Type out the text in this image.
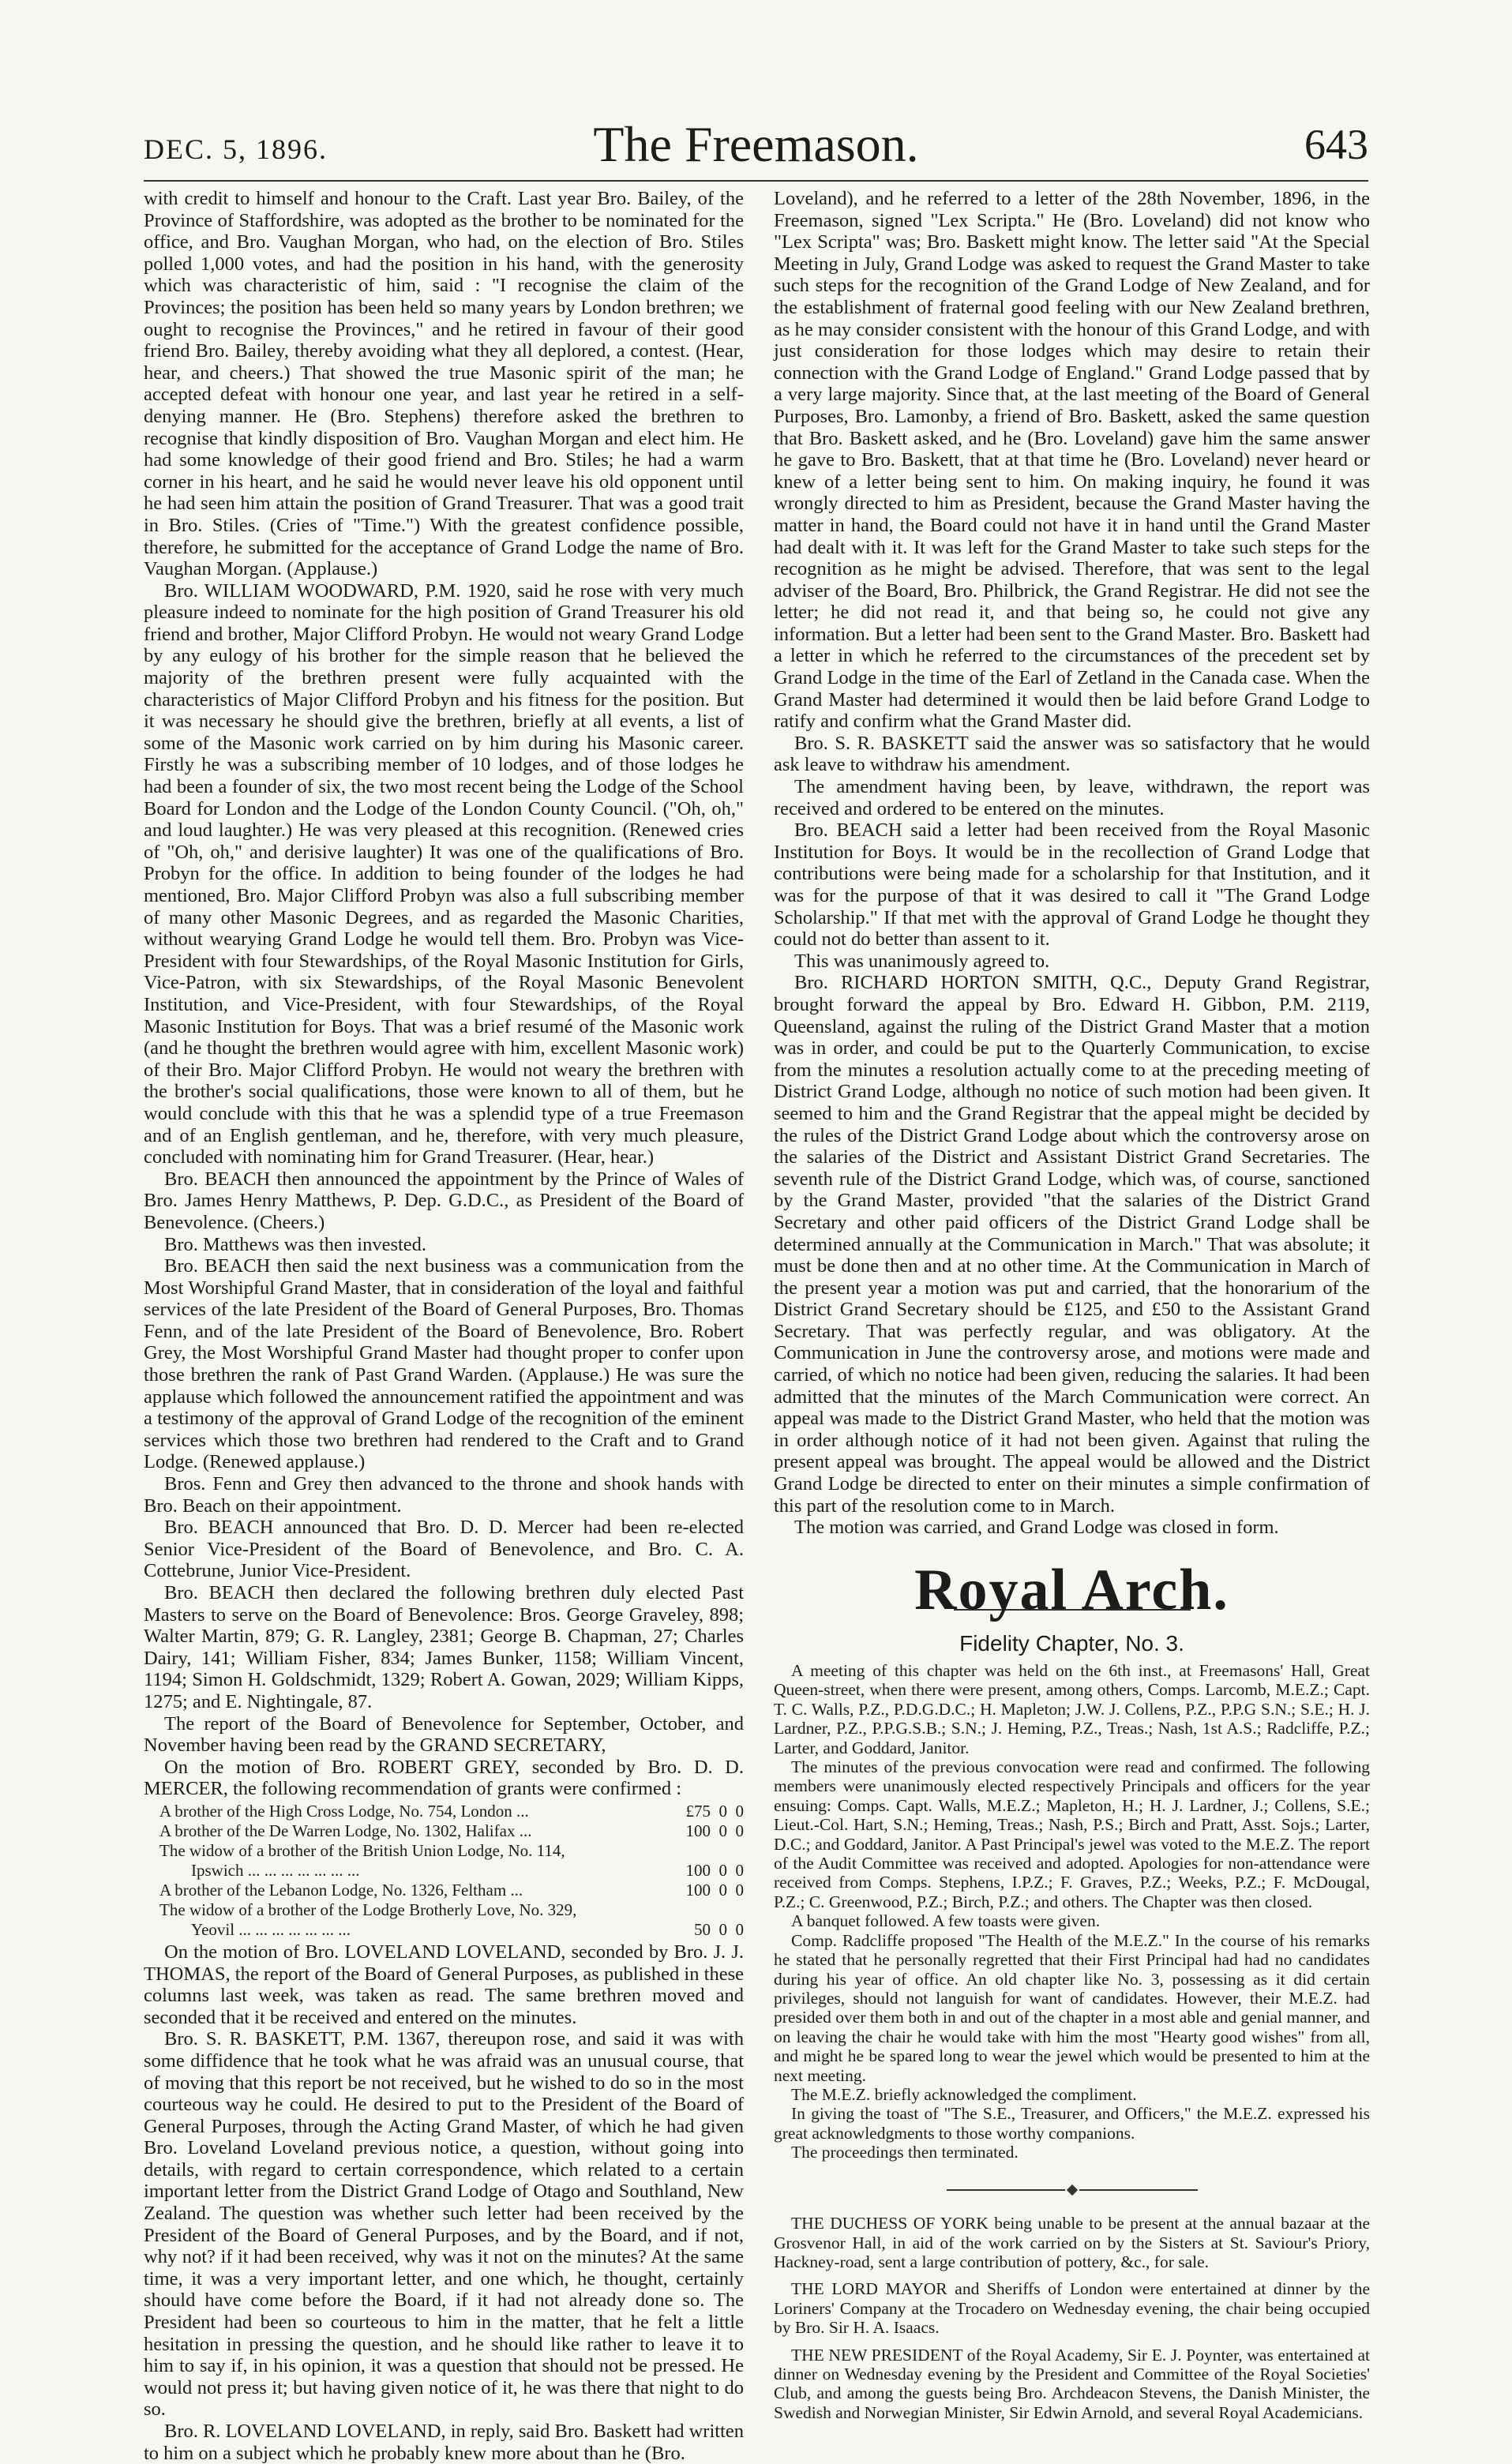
DEC. 5, 1896.	The Freemason.	643

with credit to himself and honour to the Craft. Last year Bro. Bailey, of the Province of Staffordshire, was adopted as the brother to be nominated for the office, and Bro. Vaughan Morgan, who had, on the election of Bro. Stiles polled 1,000 votes, and had the position in his hand, with the generosity which was characteristic of him, said : "I recognise the claim of the Provinces; the position has been held so many years by London brethren; we ought to recognise the Provinces," and he retired in favour of their good friend Bro. Bailey, thereby avoiding what they all deplored, a contest. (Hear, hear, and cheers.) That showed the true Masonic spirit of the man; he accepted defeat with honour one year, and last year he retired in a self-denying manner. He (Bro. Stephens) therefore asked the brethren to recognise that kindly disposition of Bro. Vaughan Morgan and elect him. He had some knowledge of their good friend and Bro. Stiles; he had a warm corner in his heart, and he said he would never leave his old opponent until he had seen him attain the position of Grand Treasurer. That was a good trait in Bro. Stiles. (Cries of "Time.") With the greatest confidence possible, therefore, he submitted for the acceptance of Grand Lodge the name of Bro. Vaughan Morgan. (Applause.)

Bro. WILLIAM WOODWARD, P.M. 1920, said he rose with very much pleasure indeed to nominate for the high position of Grand Treasurer his old friend and brother, Major Clifford Probyn. He would not weary Grand Lodge by any eulogy of his brother for the simple reason that he believed the majority of the brethren present were fully acquainted with the characteristics of Major Clifford Probyn and his fitness for the position. But it was necessary he should give the brethren, briefly at all events, a list of some of the Masonic work carried on by him during his Masonic career. Firstly he was a subscribing member of 10 lodges, and of those lodges he had been a founder of six, the two most recent being the Lodge of the School Board for London and the Lodge of the London County Council. ("Oh, oh," and loud laughter.) He was very pleased at this recognition. (Renewed cries of "Oh, oh," and derisive laughter) It was one of the qualifications of Bro. Probyn for the office. In addition to being founder of the lodges he had mentioned, Bro. Major Clifford Probyn was also a full subscribing member of many other Masonic Degrees, and as regarded the Masonic Charities, without wearying Grand Lodge he would tell them. Bro. Probyn was Vice-President with four Stewardships, of the Royal Masonic Institution for Girls, Vice-Patron, with six Stewardships, of the Royal Masonic Benevolent Institution, and Vice-President, with four Stewardships, of the Royal Masonic Institution for Boys. That was a brief resumé of the Masonic work (and he thought the brethren would agree with him, excellent Masonic work) of their Bro. Major Clifford Probyn. He would not weary the brethren with the brother's social qualifications, those were known to all of them, but he would conclude with this that he was a splendid type of a true Freemason and of an English gentleman, and he, therefore, with very much pleasure, concluded with nominating him for Grand Treasurer. (Hear, hear.)

Bro. BEACH then announced the appointment by the Prince of Wales of Bro. James Henry Matthews, P. Dep. G.D.C., as President of the Board of Benevolence. (Cheers.)

Bro. Matthews was then invested.

Bro. BEACH then said the next business was a communication from the Most Worshipful Grand Master, that in consideration of the loyal and faithful services of the late President of the Board of General Purposes, Bro. Thomas Fenn, and of the late President of the Board of Benevolence, Bro. Robert Grey, the Most Worshipful Grand Master had thought proper to confer upon those brethren the rank of Past Grand Warden. (Applause.) He was sure the applause which followed the announcement ratified the appointment and was a testimony of the approval of Grand Lodge of the recognition of the eminent services which those two brethren had rendered to the Craft and to Grand Lodge. (Renewed applause.)

Bros. Fenn and Grey then advanced to the throne and shook hands with Bro. Beach on their appointment.

Bro. BEACH announced that Bro. D. D. Mercer had been re-elected Senior Vice-President of the Board of Benevolence, and Bro. C. A. Cottebrune, Junior Vice-President.

Bro. BEACH then declared the following brethren duly elected Past Masters to serve on the Board of Benevolence: Bros. George Graveley, 898; Walter Martin, 879; G. R. Langley, 2381; George B. Chapman, 27; Charles Dairy, 141; William Fisher, 834; James Bunker, 1158; William Vincent, 1194; Simon H. Goldschmidt, 1329; Robert A. Gowan, 2029; William Kipps, 1275; and E. Nightingale, 87.

The report of the Board of Benevolence for September, October, and November having been read by the GRAND SECRETARY,

On the motion of Bro. ROBERT GREY, seconded by Bro. D. D. MERCER, the following recommendation of grants were confirmed :

A brother of the High Cross Lodge, No. 754, London ...	£75  0  0
A brother of the De Warren Lodge, No. 1302, Halifax ...	100  0  0
The widow of a brother of the British Union Lodge, No. 114,
Ipswich ... ... ... ... ... ... ...	100  0  0
A brother of the Lebanon Lodge, No. 1326, Feltham ...	100  0  0
The widow of a brother of the Lodge Brotherly Love, No. 329,
Yeovil ... ... ... ... ... ... ...	50  0  0

On the motion of Bro. LOVELAND LOVELAND, seconded by Bro. J. J. THOMAS, the report of the Board of General Purposes, as published in these columns last week, was taken as read. The same brethren moved and seconded that it be received and entered on the minutes.

Bro. S. R. BASKETT, P.M. 1367, thereupon rose, and said it was with some diffidence that he took what he was afraid was an unusual course, that of moving that this report be not received, but he wished to do so in the most courteous way he could. He desired to put to the President of the Board of General Purposes, through the Acting Grand Master, of which he had given Bro. Loveland Loveland previous notice, a question, without going into details, with regard to certain correspondence, which related to a certain important letter from the District Grand Lodge of Otago and Southland, New Zealand. The question was whether such letter had been received by the President of the Board of General Purposes, and by the Board, and if not, why not? if it had been received, why was it not on the minutes? At the same time, it was a very important letter, and one which, he thought, certainly should have come before the Board, if it had not already done so. The President had been so courteous to him in the matter, that he felt a little hesitation in pressing the question, and he should like rather to leave it to him to say if, in his opinion, it was a question that should not be pressed. He would not press it; but having given notice of it, he was there that night to do so.

Bro. R. LOVELAND LOVELAND, in reply, said Bro. Baskett had written to him on a subject which he probably knew more about than he (Bro.

Loveland), and he referred to a letter of the 28th November, 1896, in the Freemason, signed "Lex Scripta." He (Bro. Loveland) did not know who "Lex Scripta" was; Bro. Baskett might know. The letter said "At the Special Meeting in July, Grand Lodge was asked to request the Grand Master to take such steps for the recognition of the Grand Lodge of New Zealand, and for the establishment of fraternal good feeling with our New Zealand brethren, as he may consider consistent with the honour of this Grand Lodge, and with just consideration for those lodges which may desire to retain their connection with the Grand Lodge of England." Grand Lodge passed that by a very large majority. Since that, at the last meeting of the Board of General Purposes, Bro. Lamonby, a friend of Bro. Baskett, asked the same question that Bro. Baskett asked, and he (Bro. Loveland) gave him the same answer he gave to Bro. Baskett, that at that time he (Bro. Loveland) never heard or knew of a letter being sent to him. On making inquiry, he found it was wrongly directed to him as President, because the Grand Master having the matter in hand, the Board could not have it in hand until the Grand Master had dealt with it. It was left for the Grand Master to take such steps for the recognition as he might be advised. Therefore, that was sent to the legal adviser of the Board, Bro. Philbrick, the Grand Registrar. He did not see the letter; he did not read it, and that being so, he could not give any information. But a letter had been sent to the Grand Master. Bro. Baskett had a letter in which he referred to the circumstances of the precedent set by Grand Lodge in the time of the Earl of Zetland in the Canada case. When the Grand Master had determined it would then be laid before Grand Lodge to ratify and confirm what the Grand Master did.

Bro. S. R. BASKETT said the answer was so satisfactory that he would ask leave to withdraw his amendment.

The amendment having been, by leave, withdrawn, the report was received and ordered to be entered on the minutes.

Bro. BEACH said a letter had been received from the Royal Masonic Institution for Boys. It would be in the recollection of Grand Lodge that contributions were being made for a scholarship for that Institution, and it was for the purpose of that it was desired to call it "The Grand Lodge Scholarship." If that met with the approval of Grand Lodge he thought they could not do better than assent to it.

This was unanimously agreed to.

Bro. RICHARD HORTON SMITH, Q.C., Deputy Grand Registrar, brought forward the appeal by Bro. Edward H. Gibbon, P.M. 2119, Queensland, against the ruling of the District Grand Master that a motion was in order, and could be put to the Quarterly Communication, to excise from the minutes a resolution actually come to at the preceding meeting of District Grand Lodge, although no notice of such motion had been given. It seemed to him and the Grand Registrar that the appeal might be decided by the rules of the District Grand Lodge about which the controversy arose on the salaries of the District and Assistant District Grand Secretaries. The seventh rule of the District Grand Lodge, which was, of course, sanctioned by the Grand Master, provided "that the salaries of the District Grand Secretary and other paid officers of the District Grand Lodge shall be determined annually at the Communication in March." That was absolute; it must be done then and at no other time. At the Communication in March of the present year a motion was put and carried, that the honorarium of the District Grand Secretary should be £125, and £50 to the Assistant Grand Secretary. That was perfectly regular, and was obligatory. At the Communication in June the controversy arose, and motions were made and carried, of which no notice had been given, reducing the salaries. It had been admitted that the minutes of the March Communication were correct. An appeal was made to the District Grand Master, who held that the motion was in order although notice of it had not been given. Against that ruling the present appeal was brought. The appeal would be allowed and the District Grand Lodge be directed to enter on their minutes a simple confirmation of this part of the resolution come to in March.

The motion was carried, and Grand Lodge was closed in form.

Royal Arch.
Fidelity Chapter, No. 3.

A meeting of this chapter was held on the 6th inst., at Freemasons' Hall, Great Queen-street, when there were present, among others, Comps. Larcomb, M.E.Z.; Capt. T. C. Walls, P.Z., P.D.G.D.C.; H. Mapleton; J.W. J. Collens, P.Z., P.P.G S.N.; S.E.; H. J. Lardner, P.Z., P.P.G.S.B.; S.N.; J. Heming, P.Z., Treas.; Nash, 1st A.S.; Radcliffe, P.Z.; Larter, and Goddard, Janitor.

The minutes of the previous convocation were read and confirmed. The following members were unanimously elected respectively Principals and officers for the year ensuing: Comps. Capt. Walls, M.E.Z.; Mapleton, H.; H. J. Lardner, J.; Collens, S.E.; Lieut.-Col. Hart, S.N.; Heming, Treas.; Nash, P.S.; Birch and Pratt, Asst. Sojs.; Larter, D.C.; and Goddard, Janitor. A Past Principal's jewel was voted to the M.E.Z. The report of the Audit Committee was received and adopted. Apologies for non-attendance were received from Comps. Stephens, I.P.Z.; F. Graves, P.Z.; Weeks, P.Z.; F. McDougal, P.Z.; C. Greenwood, P.Z.; Birch, P.Z.; and others. The Chapter was then closed.

A banquet followed. A few toasts were given.

Comp. Radcliffe proposed "The Health of the M.E.Z." In the course of his remarks he stated that he personally regretted that their First Principal had had no candidates during his year of office. An old chapter like No. 3, possessing as it did certain privileges, should not languish for want of candidates. However, their M.E.Z. had presided over them both in and out of the chapter in a most able and genial manner, and on leaving the chair he would take with him the most "Hearty good wishes" from all, and might he be spared long to wear the jewel which would be presented to him at the next meeting.

The M.E.Z. briefly acknowledged the compliment.

In giving the toast of "The S.E., Treasurer, and Officers," the M.E.Z. expressed his great acknowledgments to those worthy companions.

The proceedings then terminated.

THE DUCHESS OF YORK being unable to be present at the annual bazaar at the Grosvenor Hall, in aid of the work carried on by the Sisters at St. Saviour's Priory, Hackney-road, sent a large contribution of pottery, &c., for sale.

THE LORD MAYOR and Sheriffs of London were entertained at dinner by the Loriners' Company at the Trocadero on Wednesday evening, the chair being occupied by Bro. Sir H. A. Isaacs.

THE NEW PRESIDENT of the Royal Academy, Sir E. J. Poynter, was entertained at dinner on Wednesday evening by the President and Committee of the Royal Societies' Club, and among the guests being Bro. Archdeacon Stevens, the Danish Minister, the Swedish and Norwegian Minister, Sir Edwin Arnold, and several Royal Academicians.
